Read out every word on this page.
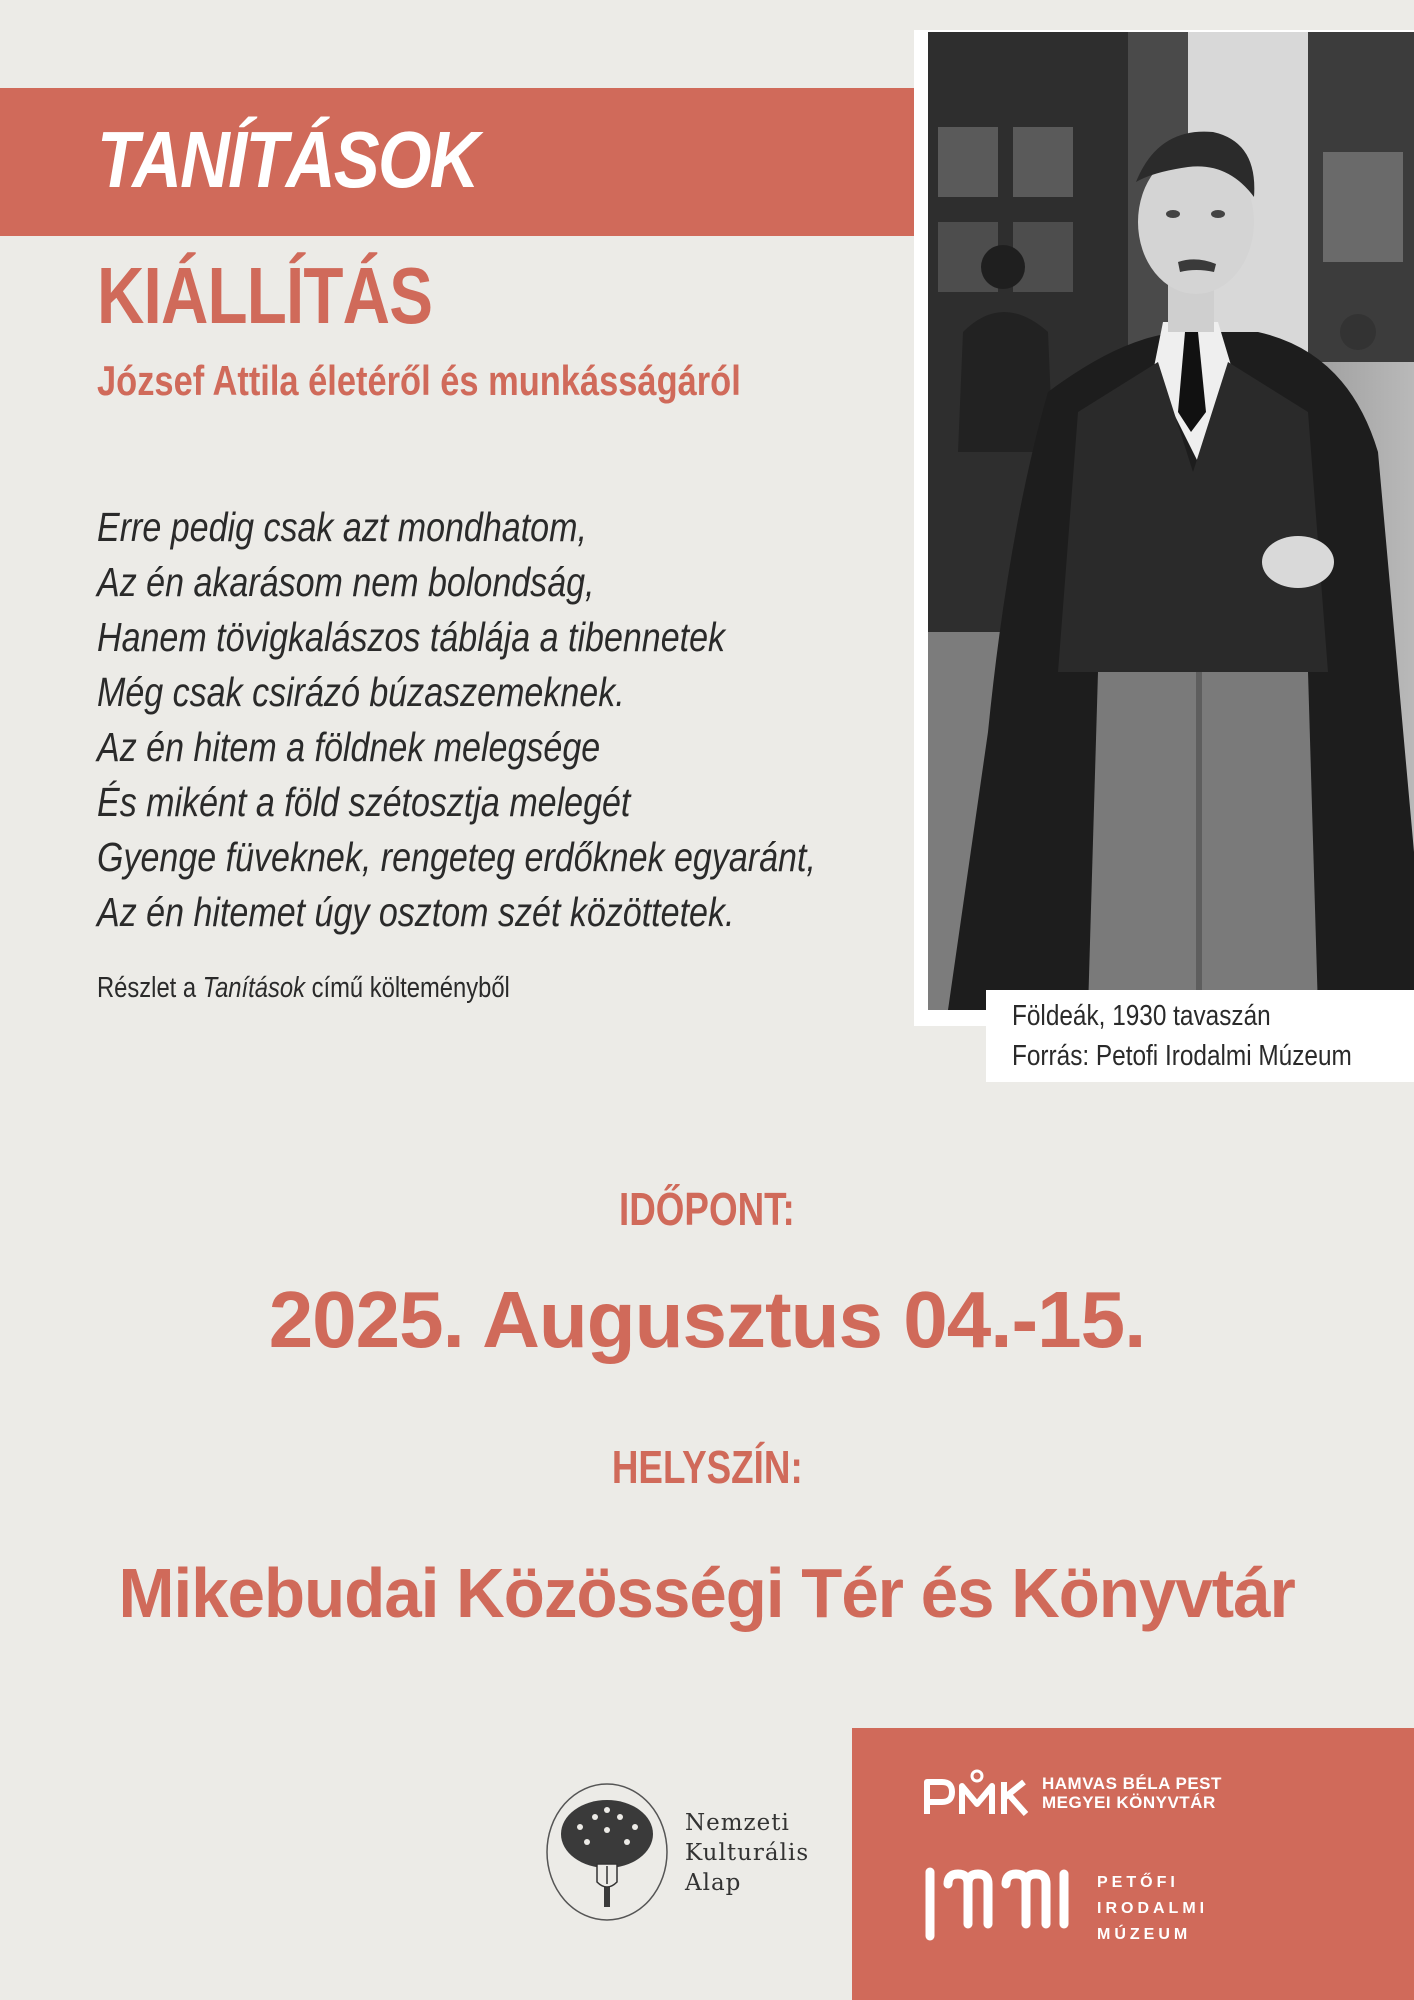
TANÍTÁSOK
KIÁLLÍTÁS
József Attila életéről és munkásságáról
Erre pedig csak azt mondhatom,
Az én akarásom nem bolondság,
Hanem tövigkalászos táblája a tibennetek
Még csak csirázó búzaszemeknek.
Az én hitem a földnek melegsége
És miként a föld szétosztja melegét
Gyenge füveknek, rengeteg erdőknek egyaránt,
Az én hitemet úgy osztom szét közöttetek.
Részlet a Tanítások című költeményből
Földeák, 1930 tavaszán
Forrás: Petofi Irodalmi Múzeum
IDŐPONT:
2025. Augusztus 04.-15.
HELYSZÍN:
Mikebudai Közösségi Tér és Könyvtár
Nemzeti
Kulturális
Alap
HAMVAS BÉLA PEST
MEGYEI KÖNYVTÁR
PETŐFI
IRODALMI
MÚZEUM
